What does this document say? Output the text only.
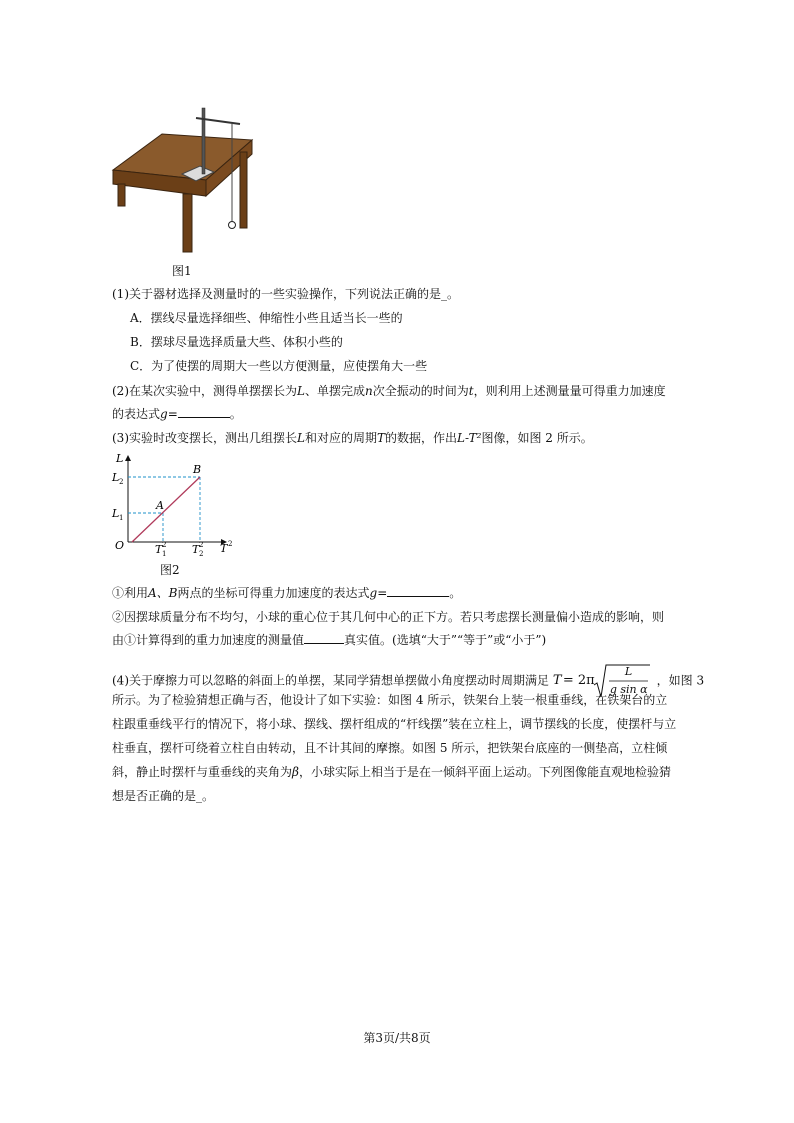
图1
(1)关于器材选择及测量时的一些实验操作，下列说法正确的是_。
A．摆线尽量选择细些、伸缩性小些且适当长一些的
B．摆球尽量选择质量大些、体积小些的
C．为了使摆的周期大一些以方便测量，应使摆角大一些
(2)在某次实验中，测得单摆摆长为L、单摆完成n次全振动的时间为t，则利用上述测量量可得重力加速度
的表达式g=	。
(3)实验时改变摆长，测出几组摆长L和对应的周期T的数据，作出L-T²图像，如图 2 所示。
L
T 2
O
L 2
L 1
A
B
T 2
1 T 2
2
图2
①利用A、B两点的坐标可得重力加速度的表达式g=	。
②因摆球质量分布不均匀，小球的重心位于其几何中心的正下方。若只考虑摆长测量偏小造成的影响，则
由①计算得到的重力加速度的测量值	真实值。(选填“大于”“等于”或“小于”)
(4)关于摩擦力可以忽略的斜面上的单摆，某同学猜想单摆做小角度摆动时周期满足 T = 2π
L
g sin α
，如图 3
所示。为了检验猜想正确与否，他设计了如下实验：如图 4 所示，铁架台上装一根重垂线，在铁架台的立
柱跟重垂线平行的情况下，将小球、摆线、摆杆组成的“杆线摆”装在立柱上，调节摆线的长度，使摆杆与立
柱垂直，摆杆可绕着立柱自由转动，且不计其间的摩擦。如图 5 所示，把铁架台底座的一侧垫高，立柱倾
斜，静止时摆杆与重垂线的夹角为β，小球实际上相当于是在一倾斜平面上运动。下列图像能直观地检验猜
想是否正确的是_。
第3页/共8页
